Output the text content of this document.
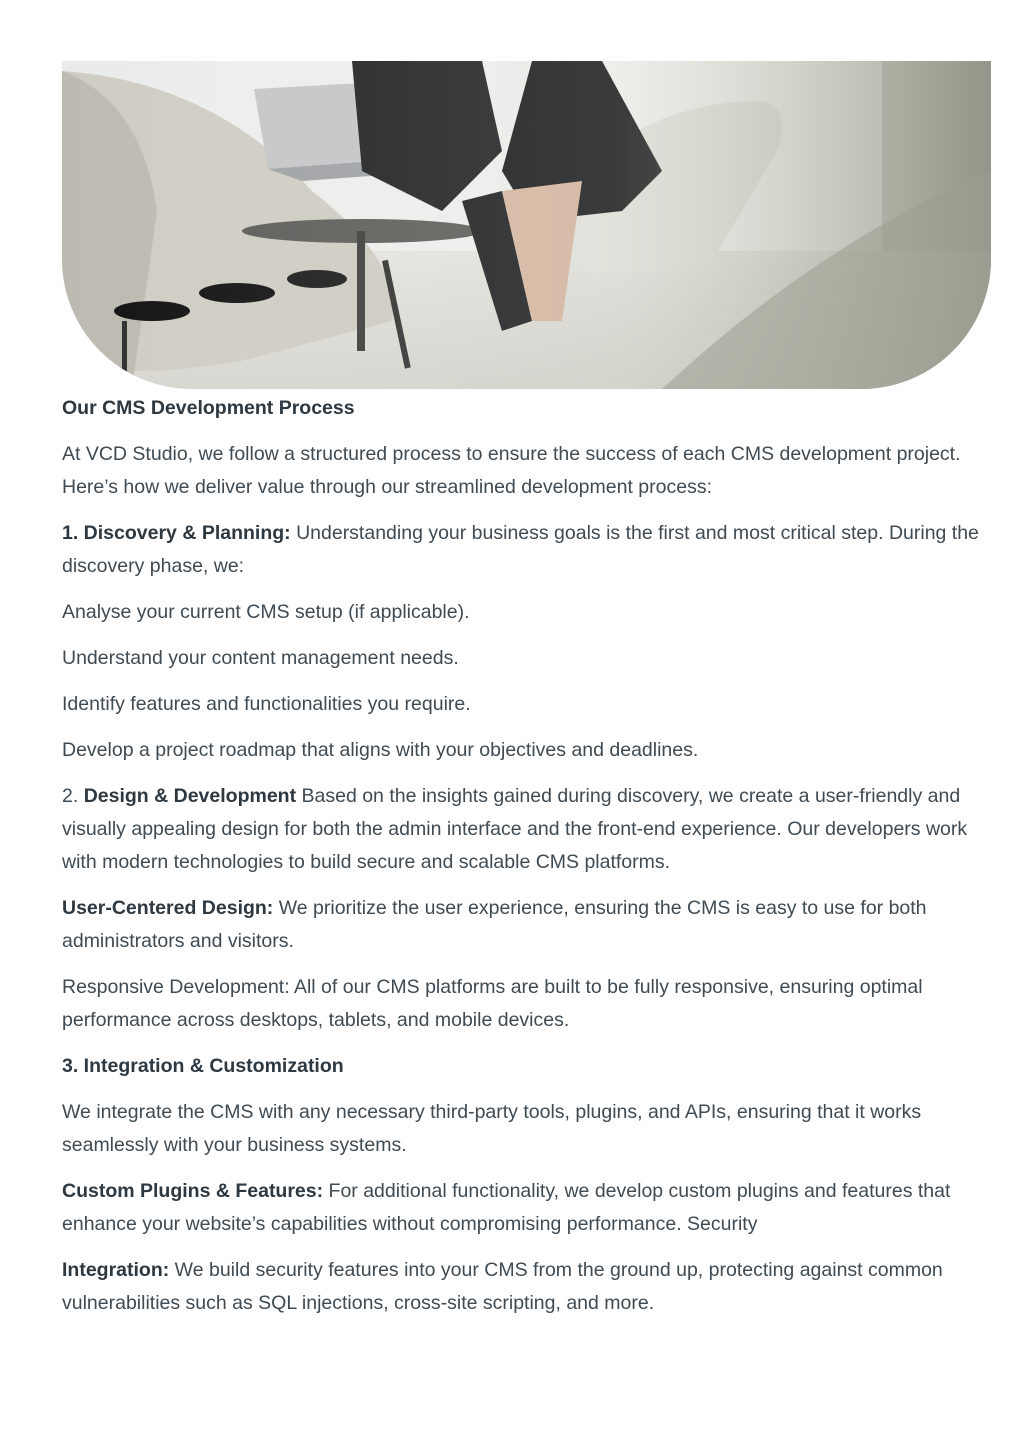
Our CMS Development Process

At VCD Studio, we follow a structured process to ensure the success of each CMS development project. Here’s how we deliver value through our streamlined development process:

1. Discovery & Planning: Understanding your business goals is the first and most critical step. During the discovery phase, we:

Analyse your current CMS setup (if applicable).

Understand your content management needs.

Identify features and functionalities you require.

Develop a project roadmap that aligns with your objectives and deadlines.

2. Design & Development Based on the insights gained during discovery, we create a user-friendly and visually appealing design for both the admin interface and the front-end experience. Our developers work with modern technologies to build secure and scalable CMS platforms.

User-Centered Design: We prioritize the user experience, ensuring the CMS is easy to use for both administrators and visitors.

Responsive Development: All of our CMS platforms are built to be fully responsive, ensuring optimal performance across desktops, tablets, and mobile devices.

3. Integration & Customization

We integrate the CMS with any necessary third-party tools, plugins, and APIs, ensuring that it works seamlessly with your business systems.

Custom Plugins & Features: For additional functionality, we develop custom plugins and features that enhance your website’s capabilities without compromising performance. Security

Integration: We build security features into your CMS from the ground up, protecting against common vulnerabilities such as SQL injections, cross-site scripting, and more.
